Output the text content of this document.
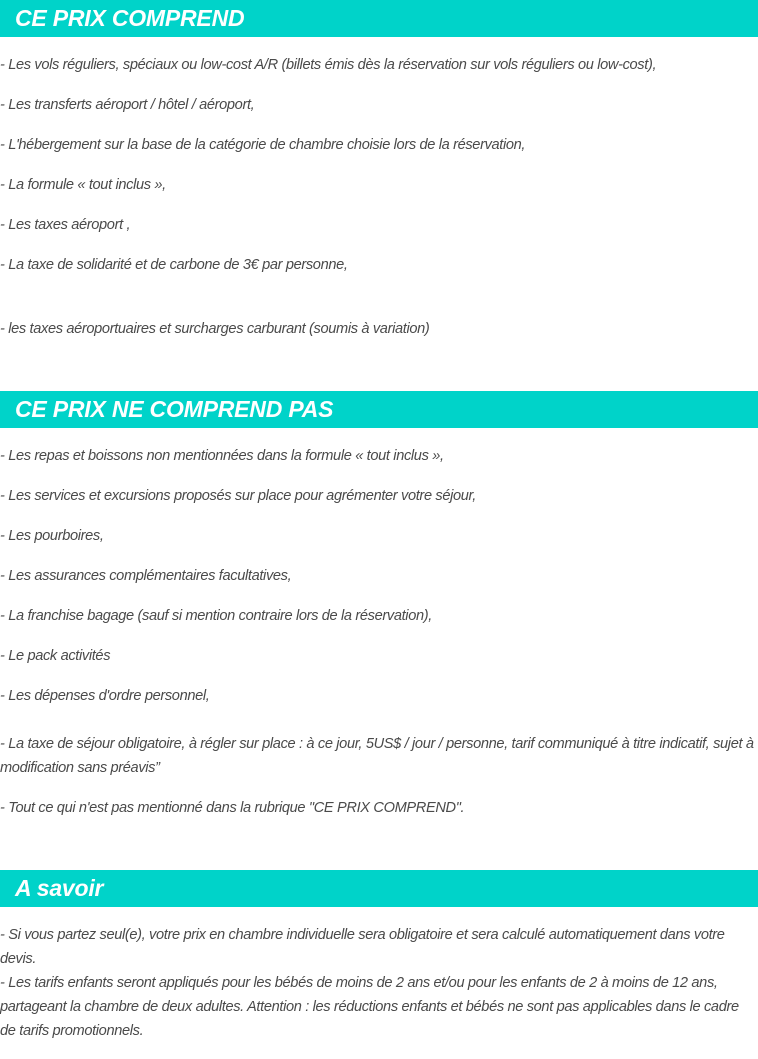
CE PRIX COMPREND
- Les vols réguliers, spéciaux ou low-cost A/R (billets émis dès la réservation sur vols réguliers ou low-cost),
- Les transferts aéroport / hôtel / aéroport,
- L'hébergement sur la base de la catégorie de chambre choisie lors de la réservation,
- La formule « tout inclus »,
- Les taxes aéroport ,
- La taxe de solidarité et de carbone de 3€ par personne,
- les taxes aéroportuaires et surcharges carburant (soumis à variation)
CE PRIX NE COMPREND PAS
- Les repas et boissons non mentionnées dans la formule « tout inclus »,
- Les services et excursions proposés sur place pour agrémenter votre séjour,
- Les pourboires,
- Les assurances complémentaires facultatives,
- La franchise bagage (sauf si mention contraire lors de la réservation),
- Le pack activités
- Les dépenses d'ordre personnel,
- La taxe de séjour obligatoire, à régler sur place : à ce jour, 5US$ / jour / personne, tarif communiqué à titre indicatif, sujet à modification sans préavis”
- Tout ce qui n'est pas mentionné dans la rubrique "CE PRIX COMPREND".
A savoir
- Si vous partez seul(e), votre prix en chambre individuelle sera obligatoire et sera calculé automatiquement dans votre devis.
- Les tarifs enfants seront appliqués pour les bébés de moins de 2 ans et/ou pour les enfants de 2 à moins de 12 ans, partageant la chambre de deux adultes. Attention : les réductions enfants et bébés ne sont pas applicables dans le cadre de tarifs promotionnels.
